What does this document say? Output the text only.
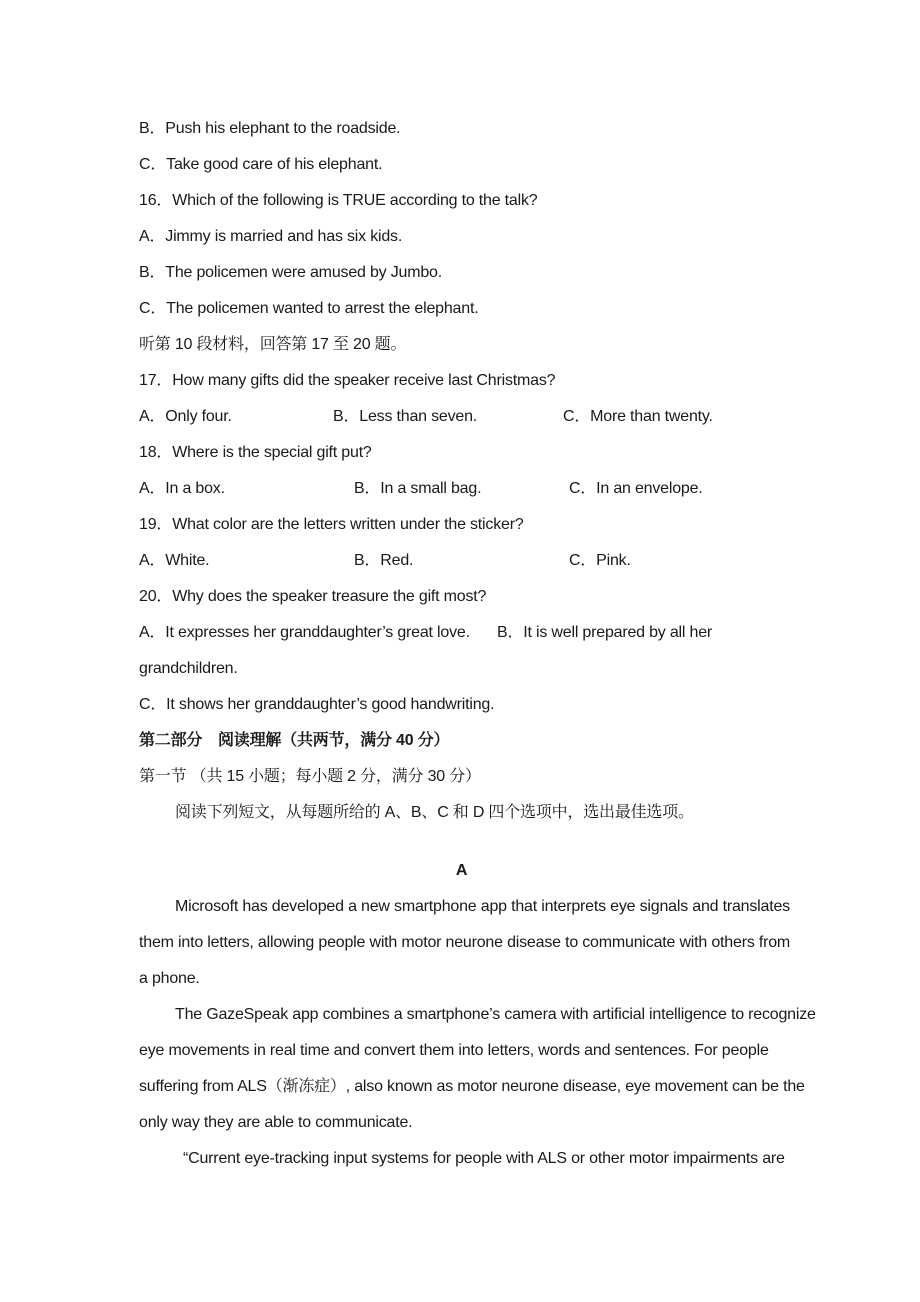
B．Push his elephant to the roadside.
C．Take good care of his elephant.
16．Which of the following is TRUE according to the talk?
A．Jimmy is married and has six kids.
B．The policemen were amused by Jumbo.
C．The policemen wanted to arrest the elephant.
听第 10 段材料，回答第 17 至 20 题。
17．How many gifts did the speaker receive last Christmas?
A．Only four.	B．Less than seven.	C．More than twenty.
18．Where is the special gift put?
A．In a box.	B．In a small bag.	C．In an envelope.
19．What color are the letters written under the sticker?
A．White.	B．Red.	C．Pink.
20．Why does the speaker treasure the gift most?
A．It expresses her granddaughter’s great love. B．It is well prepared by all her
grandchildren.
C．It shows her granddaughter’s good handwriting.
第二部分　阅读理解（共两节，满分 40 分）
第一节 （共 15 小题；每小题 2 分，满分 30 分）
阅读下列短文，从每题所给的 A、B、C 和 D 四个选项中，选出最佳选项。
A
Microsoft has developed a new smartphone app that interprets eye signals and translates
them into letters, allowing people with motor neurone disease to communicate with others from
a phone.
The GazeSpeak app combines a smartphone’s camera with artificial intelligence to recognize
eye movements in real time and convert them into letters, words and sentences. For people
suffering from ALS（渐冻症）, also known as motor neurone disease, eye movement can be the
only way they are able to communicate.
“Current eye-tracking input systems for people with ALS or other motor impairments are
